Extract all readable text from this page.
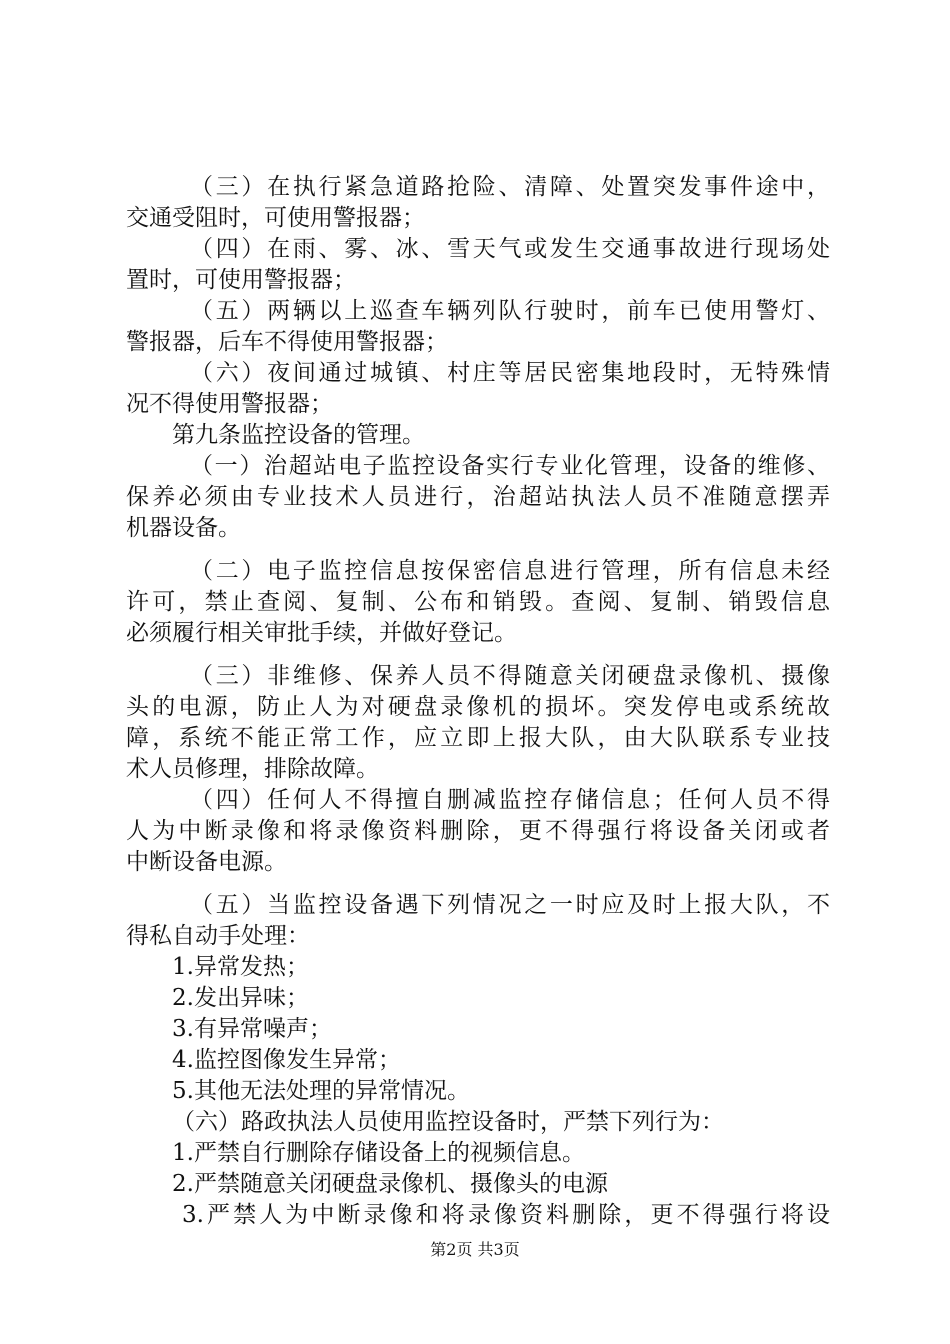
（三）在执行紧急道路抢险、清障、处置突发事件途中，
交通受阻时，可使用警报器；
（四）在雨、雾、冰、雪天气或发生交通事故进行现场处
置时，可使用警报器；
（五）两辆以上巡查车辆列队行驶时，前车已使用警灯、
警报器，后车不得使用警报器；
（六）夜间通过城镇、村庄等居民密集地段时，无特殊情
况不得使用警报器；
第九条监控设备的管理。
（一）治超站电子监控设备实行专业化管理，设备的维修、
保养必须由专业技术人员进行，治超站执法人员不准随意摆弄
机器设备。
（二）电子监控信息按保密信息进行管理，所有信息未经
许可，禁止查阅、复制、公布和销毁。查阅、复制、销毁信息
必须履行相关审批手续，并做好登记。
（三）非维修、保养人员不得随意关闭硬盘录像机、摄像
头的电源，防止人为对硬盘录像机的损坏。突发停电或系统故
障，系统不能正常工作，应立即上报大队，由大队联系专业技
术人员修理，排除故障。
（四）任何人不得擅自删减监控存储信息；任何人员不得
人为中断录像和将录像资料删除，更不得强行将设备关闭或者
中断设备电源。
（五）当监控设备遇下列情况之一时应及时上报大队，不
得私自动手处理：
1.异常发热；
2.发出异味；
3.有异常噪声；
4.监控图像发生异常；
5.其他无法处理的异常情况。
（六）路政执法人员使用监控设备时，严禁下列行为：
1.严禁自行删除存储设备上的视频信息。
2.严禁随意关闭硬盘录像机、摄像头的电源
3.严禁人为中断录像和将录像资料删除，更不得强行将设
第2页 共3页
